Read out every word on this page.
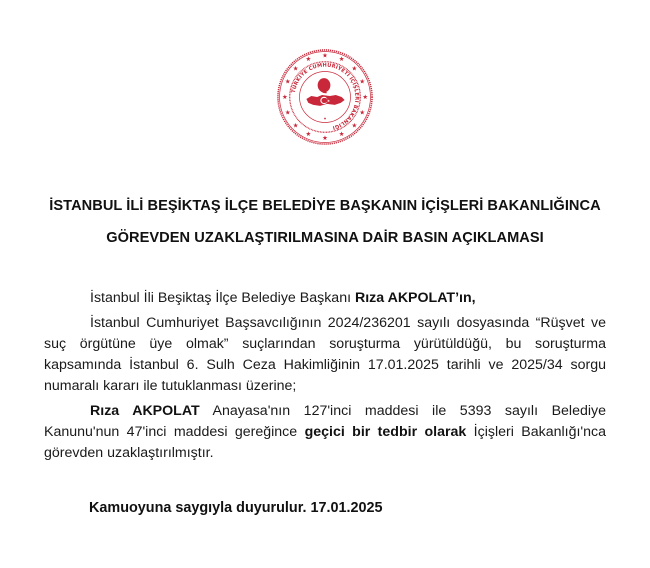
★ ★
★
★
★
★
★
★
★
★
★
★
★
★
★
★
TÜRKİYE CUMHURİYETİ İÇİŞLERİ BAKANLIĞI
★
İSTANBUL İLİ BEŞİKTAŞ İLÇE BELEDİYE BAŞKANIN İÇİŞLERİ BAKANLIĞINCA
GÖREVDEN UZAKLAŞTIRILMASINA DAİR BASIN AÇIKLAMASI
İstanbul İli Beşiktaş İlçe Belediye Başkanı Rıza AKPOLAT’ın,
İstanbul Cumhuriyet Başsavcılığının 2024/236201 sayılı dosyasında “Rüşvet ve suç örgütüne üye olmak” suçlarından soruşturma yürütüldüğü, bu soruşturma kapsamında İstanbul 6. Sulh Ceza Hakimliğinin 17.01.2025 tarihli ve 2025/34 sorgu numaralı kararı ile tutuklanması üzerine;
Rıza AKPOLAT Anayasa'nın 127'inci maddesi ile 5393 sayılı Belediye Kanunu'nun 47'inci maddesi gereğince geçici bir tedbir olarak İçişleri Bakanlığı'nca görevden uzaklaştırılmıştır.
Kamuoyuna saygıyla duyurulur. 17.01.2025
